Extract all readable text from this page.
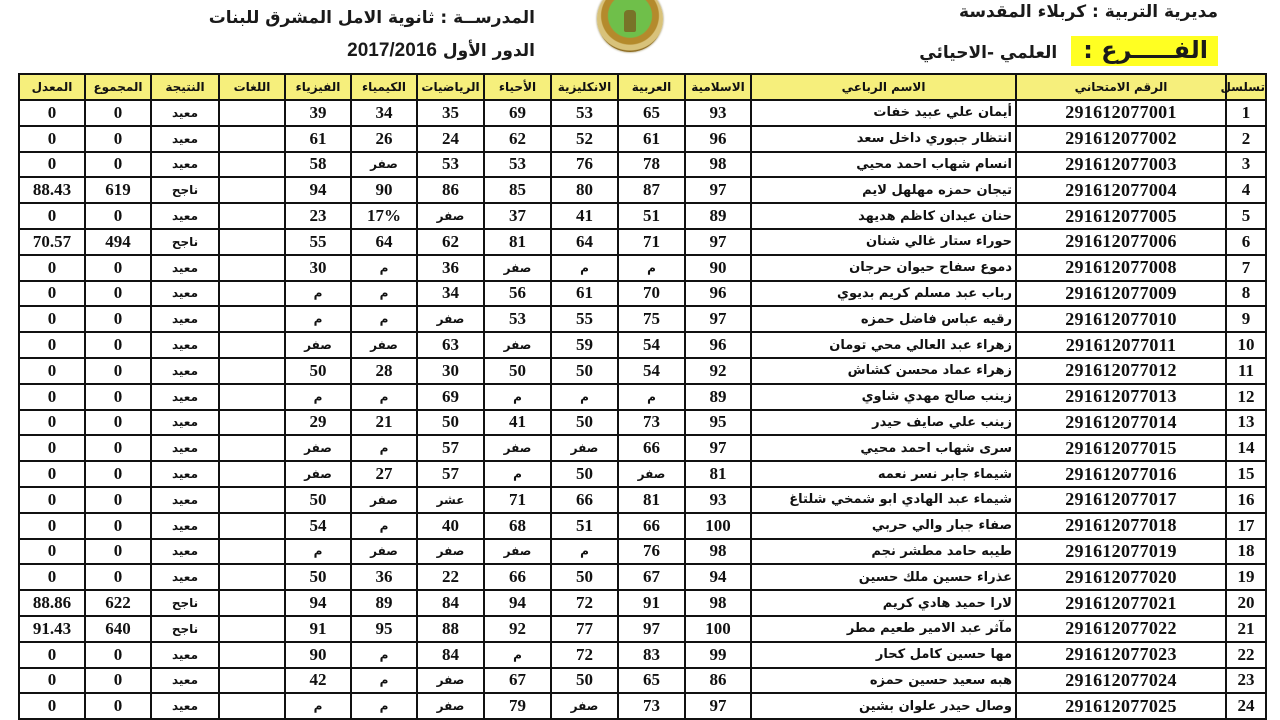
المدرســة : ثانوية الامل المشرق للبنات
الدور الأول 2017/2016
مديرية التربية : كربلاء المقدسة
الفـــــرع : العلمي -الاحيائي
تسلسل	الرقم الامتحاني	الاسم الرباعي	الاسلامية	العربية	الانكليزية	الأحياء	الرياضيات	الكيمياء	الفيزياء	اللغات	النتيجة	المجموع	المعدل
1	291612077001	أيمان علي عبيد خفات	93	65	53	69	35	34	39		معيد	0	0
2	291612077002	انتظار جبوري داخل سعد	96	61	52	62	24	26	61		معيد	0	0
3	291612077003	انسام شهاب احمد محيي	98	78	76	53	53	صفر	58		معيد	0	0
4	291612077004	تيجان حمزه مهلهل لايم	97	87	80	85	86	90	94		ناجح	619	88.43
5	291612077005	حنان عيدان كاظم هديهد	89	51	41	37	صفر	17%	23		معيد	0	0
6	291612077006	حوراء ستار غالي شنان	97	71	64	81	62	64	55		ناجح	494	70.57
7	291612077008	دموع سفاح حيوان حرجان	90	م	م	صفر	36	م	30		معيد	0	0
8	291612077009	رباب عبد مسلم كريم بديوي	96	70	61	56	34	م	م		معيد	0	0
9	291612077010	رقيه عباس فاضل حمزه	97	75	55	53	صفر	م	م		معيد	0	0
10	291612077011	زهراء عبد العالي محي تومان	96	54	59	صفر	63	صفر	صفر		معيد	0	0
11	291612077012	زهراء عماد محسن كشاش	92	54	50	50	30	28	50		معيد	0	0
12	291612077013	زينب صالح مهدي شاوي	89	م	م	م	69	م	م		معيد	0	0
13	291612077014	زينب علي صايف حيدر	95	73	50	41	50	21	29		معيد	0	0
14	291612077015	سرى شهاب احمد محيي	97	66	صفر	صفر	57	م	صفر		معيد	0	0
15	291612077016	شيماء جابر نسر نعمه	81	صفر	50	م	57	27	صفر		معيد	0	0
16	291612077017	شيماء عبد الهادي ابو شمخي شلتاغ	93	81	66	71	عشر	صفر	50		معيد	0	0
17	291612077018	صفاء جبار والي حربي	100	66	51	68	40	م	54		معيد	0	0
18	291612077019	طيبه حامد مطشر نجم	98	76	م	صفر	صفر	صفر	م		معيد	0	0
19	291612077020	عذراء حسين ملك حسين	94	67	50	66	22	36	50		معيد	0	0
20	291612077021	لارا حميد هادي كريم	98	91	72	94	84	89	94		ناجح	622	88.86
21	291612077022	مآثر عبد الامير طعيم مطر	100	97	77	92	88	95	91		ناجح	640	91.43
22	291612077023	مها حسين كامل كحار	99	83	72	م	84	م	90		معيد	0	0
23	291612077024	هبه سعيد حسين حمزه	86	65	50	67	صفر	م	42		معيد	0	0
24	291612077025	وصال حيدر علوان بشين	97	73	صفر	79	صفر	م	م		معيد	0	0
